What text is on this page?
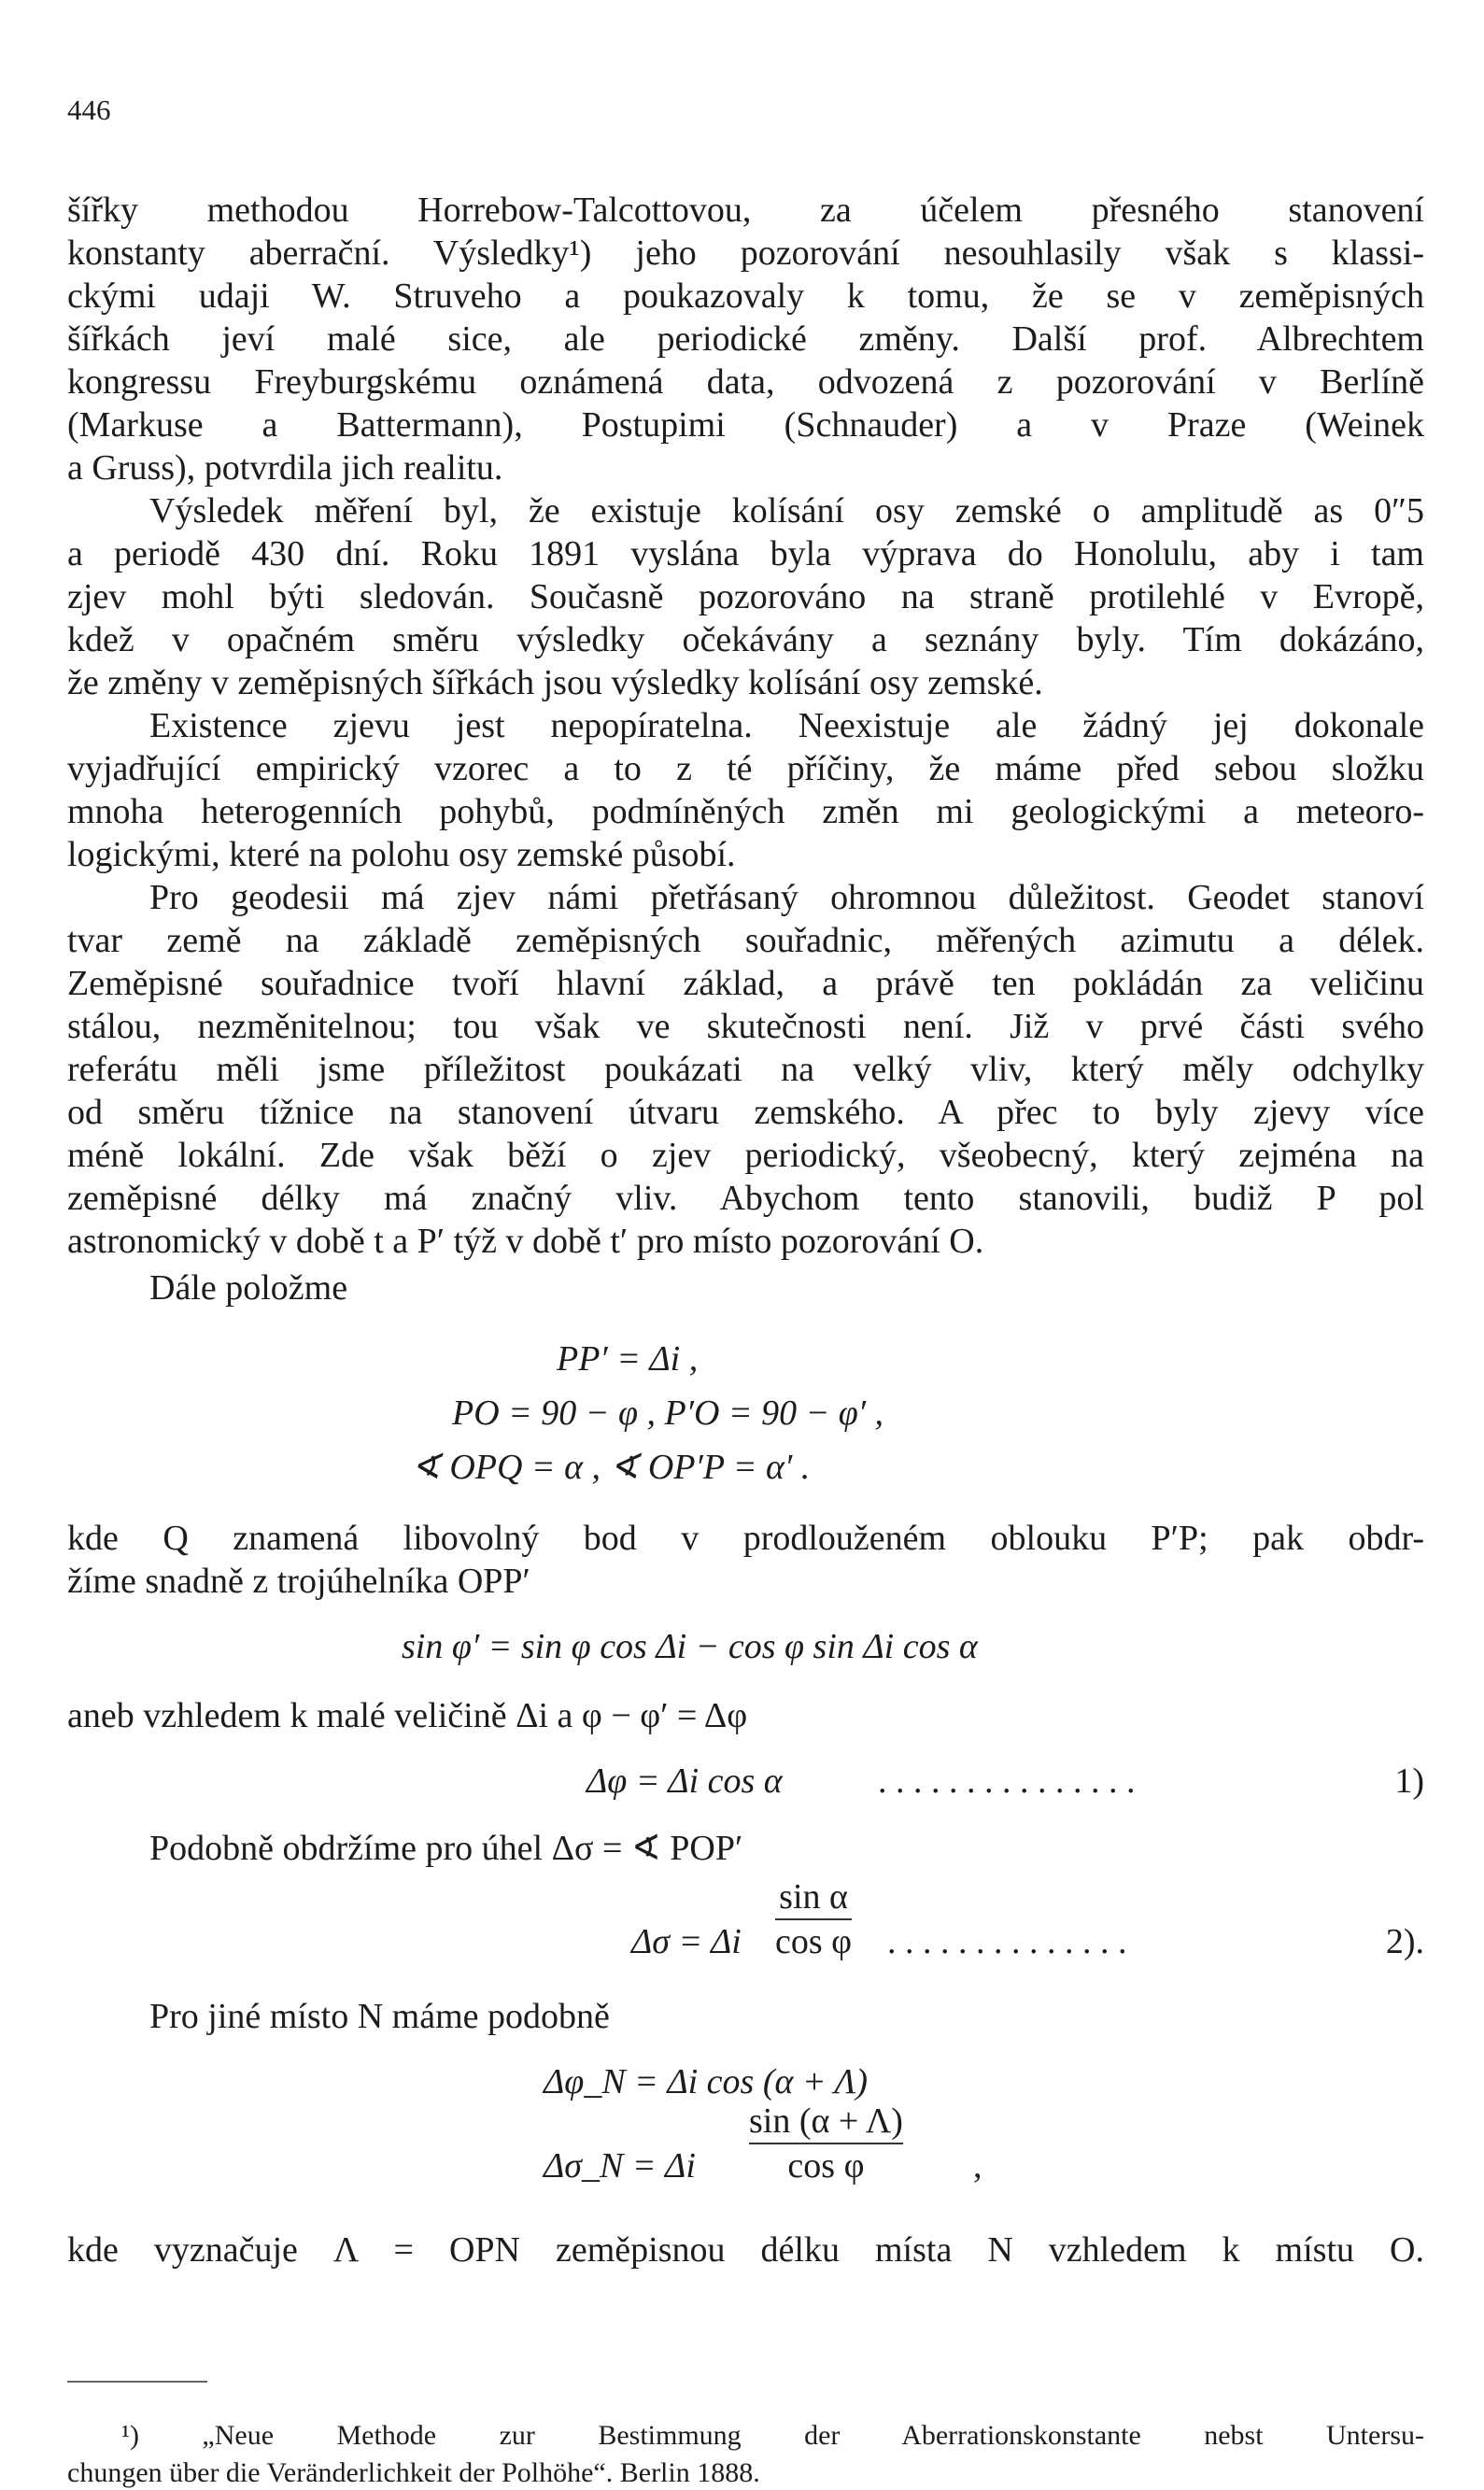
446
šířky methodou Horrebow-Talcottovou, za účelem přesného stanovení
konstanty aberrační. Výsledky¹) jeho pozorování nesouhlasily však s klassi-
ckými udaji W. Struveho a poukazovaly k tomu, že se v zeměpisných
šířkách jeví malé sice, ale periodické změny. Další prof. Albrechtem
kongressu Freyburgskému oznámená data, odvozená z pozorování v Berlíně
(Markuse a Battermann), Postupimi (Schnauder) a v Praze (Weinek
a Gruss), potvrdila jich realitu.
Výsledek měření byl, že existuje kolísání osy zemské o amplitudě as 0″5
a periodě 430 dní. Roku 1891 vyslána byla výprava do Honolulu, aby i tam
zjev mohl býti sledován. Současně pozorováno na straně protilehlé v Evropě,
kdež v opačném směru výsledky očekávány a seznány byly. Tím dokázáno,
že změny v zeměpisných šířkách jsou výsledky kolísání osy zemské.
Existence zjevu jest nepopíratelna. Neexistuje ale žádný jej dokonale
vyjadřující empirický vzorec a to z té příčiny, že máme před sebou složku
mnoha heterogenních pohybů, podmíněných změn mi geologickými a meteoro-
logickými, které na polohu osy zemské působí.
Pro geodesii má zjev námi přetřásaný ohromnou důležitost. Geodet stanoví
tvar země na základě zeměpisných souřadnic, měřených azimutu a délek.
Zeměpisné souřadnice tvoří hlavní základ, a právě ten pokládán za veličinu
stálou, nezměnitelnou; tou však ve skutečnosti není. Již v prvé části svého
referátu měli jsme příležitost poukázati na velký vliv, který měly odchylky
od směru tížnice na stanovení útvaru zemského. A přec to byly zjevy více
méně lokální. Zde však běží o zjev periodický, všeobecný, který zejména na
zeměpisné délky má značný vliv. Abychom tento stanovili, budiž P pol
astronomický v době t a P′ týž v době t′ pro místo pozorování O.
Dále položme
PP′ = Δi ,
PO = 90 − φ , P′O = 90 − φ′ ,
∢ OPQ = α , ∢ OP′P = α′ .
kde Q znamená libovolný bod v prodlouženém oblouku P′P; pak obdr-
žíme snadně z trojúhelníka OPP′
sin φ′ = sin φ cos Δi − cos φ sin Δi cos α
aneb vzhledem k malé veličině Δi a φ − φ′ = Δφ
Δφ = Δi cos α	. . . . . . . . . . . . . . .	1)
Podobně obdržíme pro úhel Δσ = ∢ POP′
Δσ = Δi
sin α
cos φ . . . . . . . . . . . . . .	2).
Pro jiné místo N máme podobně
Δφ_N = Δi cos (α + Λ)
Δσ_N = Δi
sin (α + Λ)
cos φ	,
kde vyznačuje Λ = OPN zeměpisnou délku místa N vzhledem k místu O.
¹) „Neue Methode zur Bestimmung der Aberrationskonstante nebst Untersu-
chungen über die Veränderlichkeit der Polhöhe“. Berlin 1888.
